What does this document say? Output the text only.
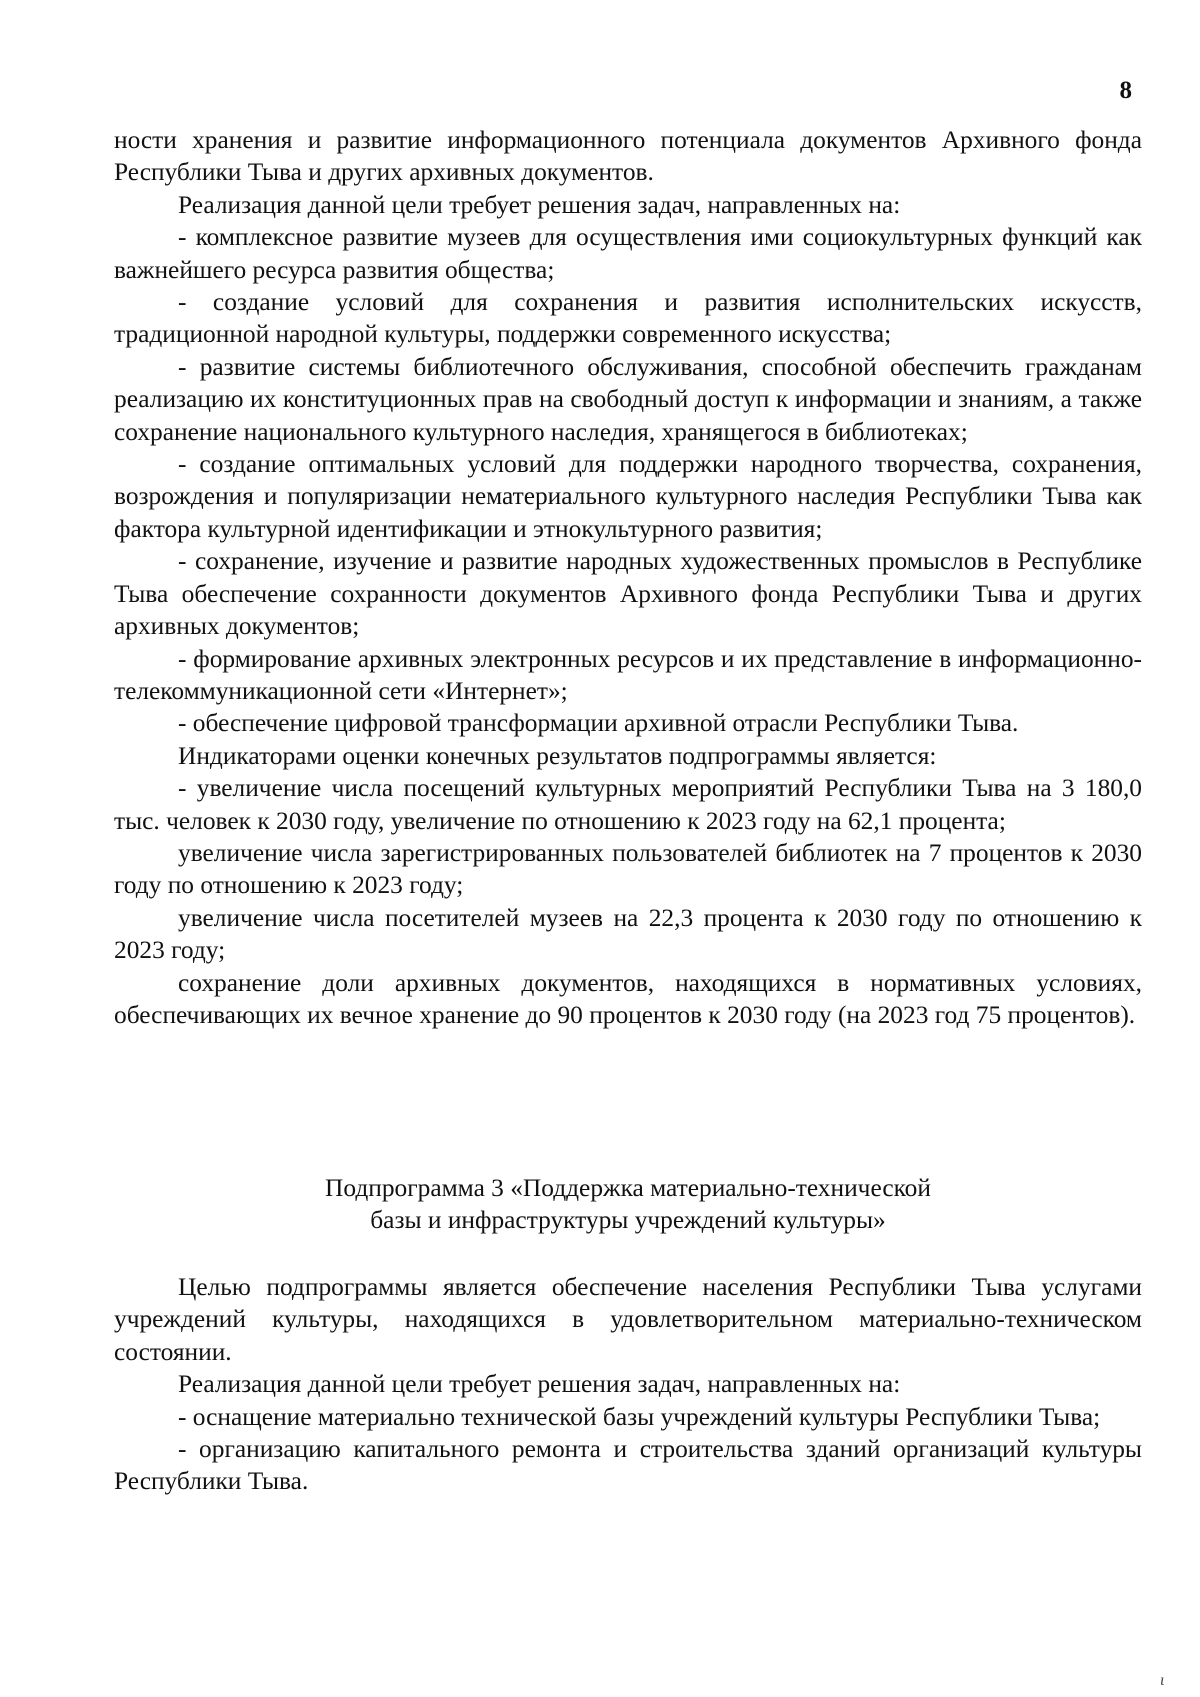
8

ности хранения и развитие информационного потенциала документов Архивного фонда Республики Тыва и других архивных документов.

Реализация данной цели требует решения задач, направленных на:

- комплексное развитие музеев для осуществления ими социокультурных функций как важнейшего ресурса развития общества;

- создание условий для сохранения и развития исполнительских искусств, традиционной народной культуры, поддержки современного искусства;

- развитие системы библиотечного обслуживания, способной обеспечить гражданам реализацию их конституционных прав на свободный доступ к информации и знаниям, а также сохранение национального культурного наследия, хранящегося в библиотеках;

- создание оптимальных условий для поддержки народного творчества, сохранения, возрождения и популяризации нематериального культурного наследия Республики Тыва как фактора культурной идентификации и этнокультурного развития;

- сохранение, изучение и развитие народных художественных промыслов в Республике Тыва обеспечение сохранности документов Архивного фонда Республики Тыва и других архивных документов;

- формирование архивных электронных ресурсов и их представление в информационно-телекоммуникационной сети «Интернет»;

- обеспечение цифровой трансформации архивной отрасли Республики Тыва.

Индикаторами оценки конечных результатов подпрограммы является:

- увеличение числа посещений культурных мероприятий Республики Тыва на 3 180,0 тыс. человек к 2030 году, увеличение по отношению к 2023 году на 62,1 процента;

увеличение числа зарегистрированных пользователей библиотек на 7 процентов к 2030 году по отношению к 2023 году;

увеличение числа посетителей музеев на 22,3 процента к 2030 году по отношению к 2023 году;

сохранение доли архивных документов, находящихся в нормативных условиях, обеспечивающих их вечное хранение до 90 процентов к 2030 году (на 2023 год 75 процентов).

Подпрограмма 3 «Поддержка материально-технической
базы и инфраструктуры учреждений культуры»

Целью подпрограммы является обеспечение населения Республики Тыва услугами учреждений культуры, находящихся в удовлетворительном материально-техническом состоянии.

Реализация данной цели требует решения задач, направленных на:

- оснащение материально технической базы учреждений культуры Республики Тыва;

- организацию капитального ремонта и строительства зданий организаций культуры Республики Тыва.

ɩ
